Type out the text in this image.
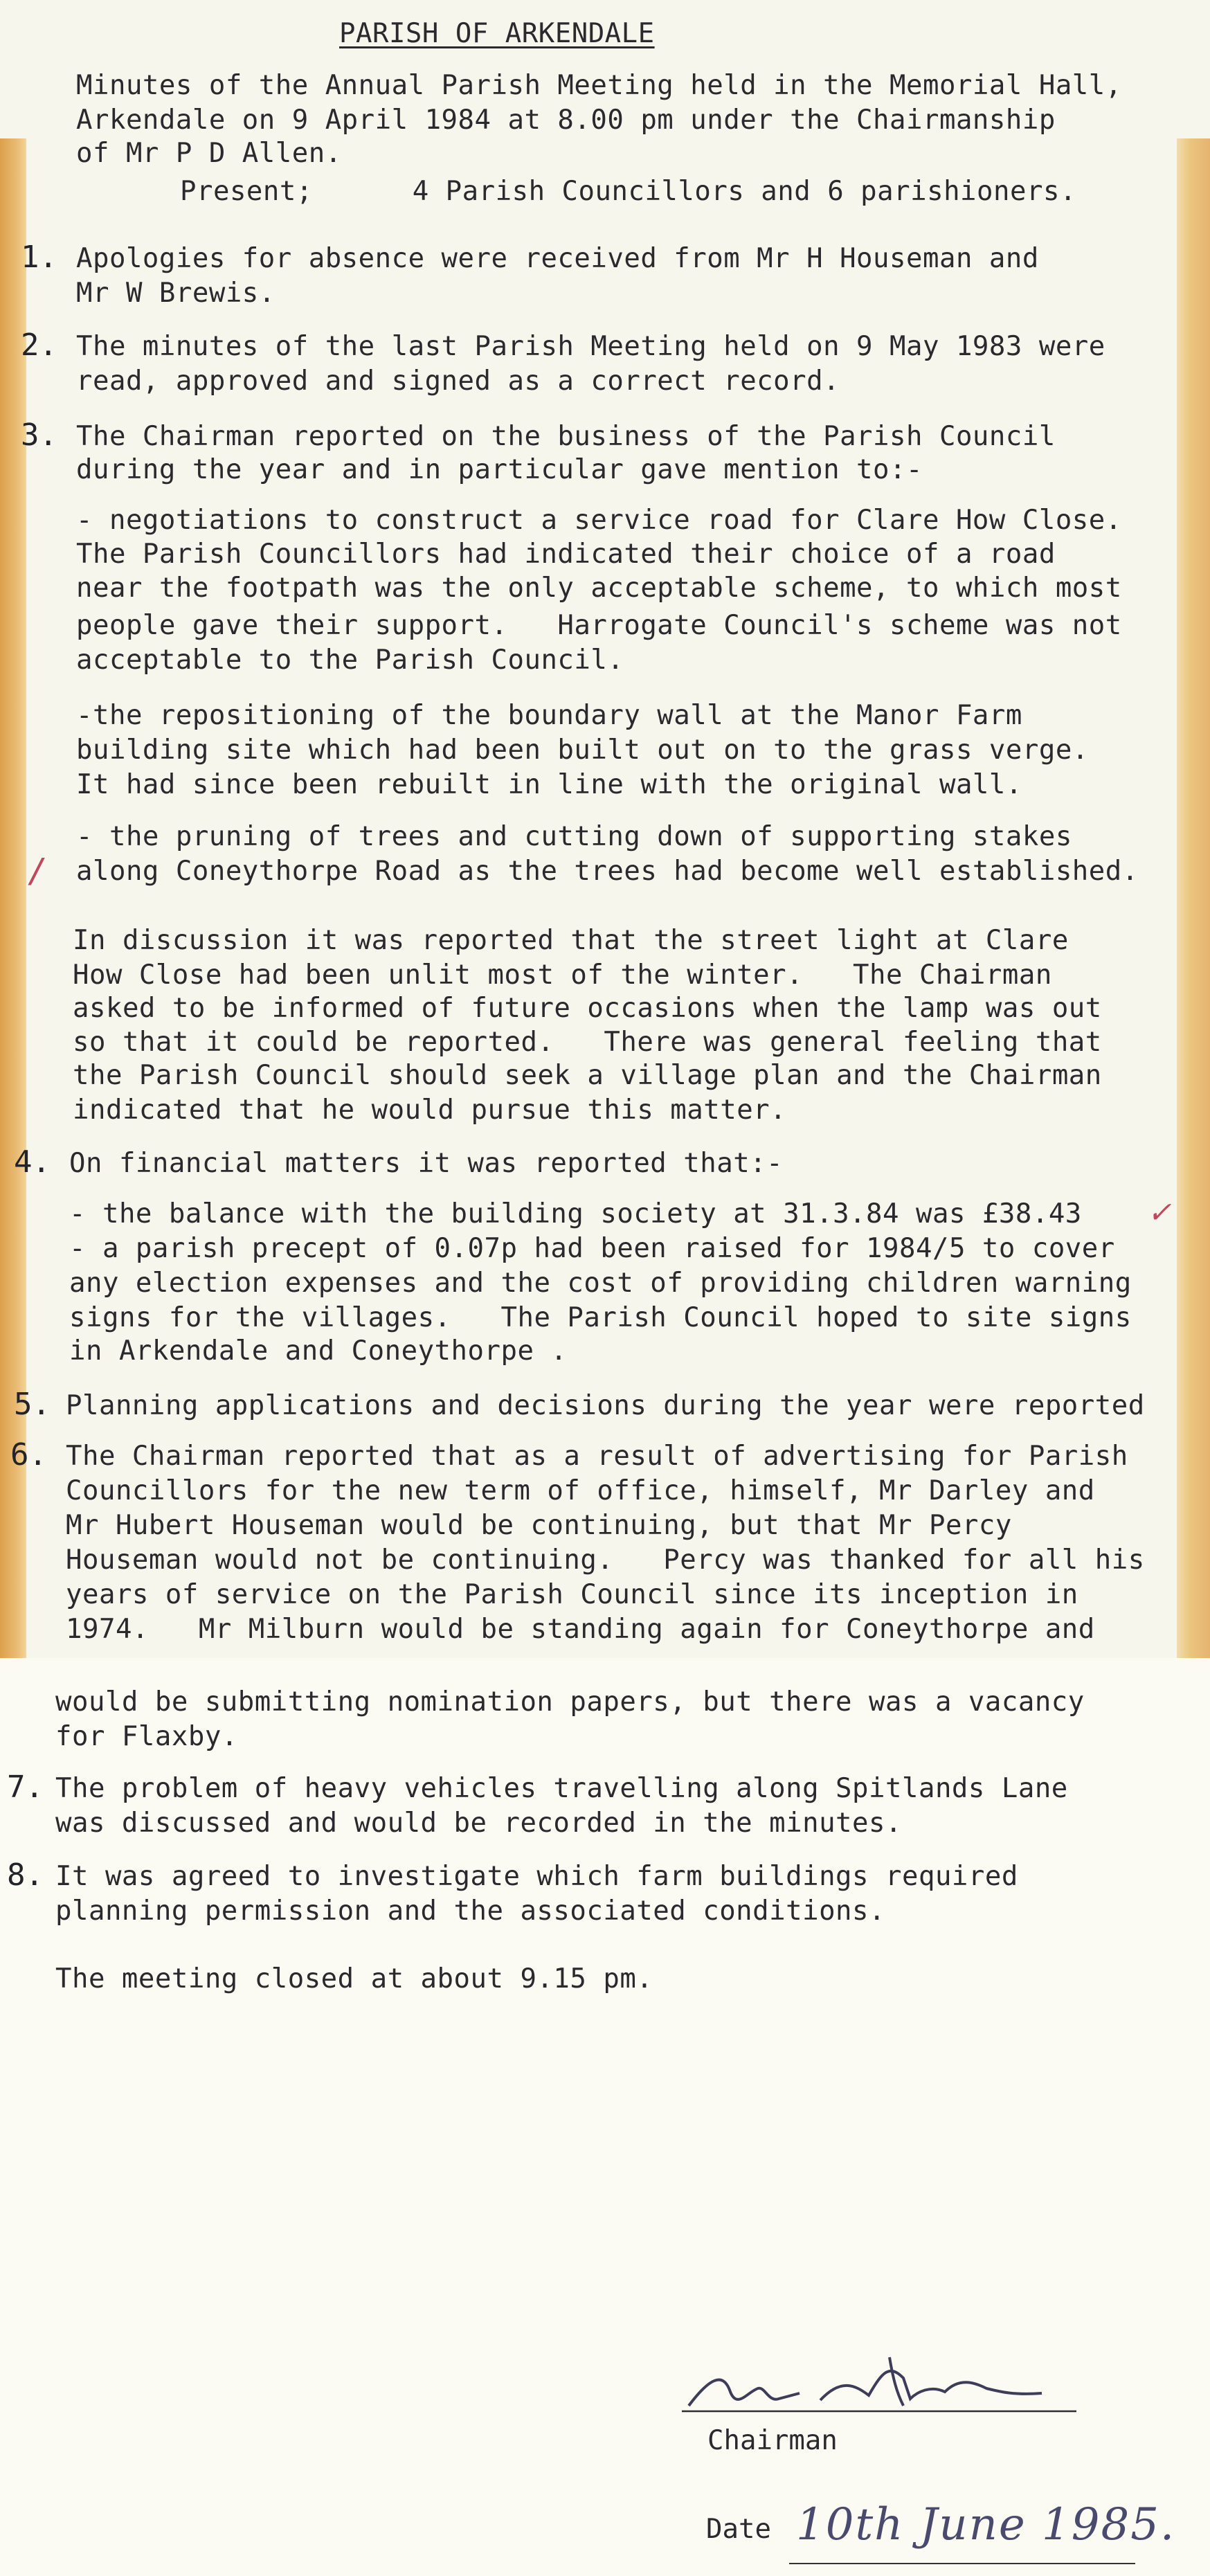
PARISH OF ARKENDALE
Minutes of the Annual Parish Meeting held in the Memorial Hall,
Arkendale on 9 April 1984 at 8.00 pm under the Chairmanship
of Mr P D Allen.
Present;      4 Parish Councillors and 6 parishioners.
1. Apologies for absence were received from Mr H Houseman and
Mr W Brewis.
2. The minutes of the last Parish Meeting held on 9 May 1983 were
read, approved and signed as a correct record.
3. The Chairman reported on the business of the Parish Council
during the year and in particular gave mention to:-
- negotiations to construct a service road for Clare How Close.
The Parish Councillors had indicated their choice of a road
near the footpath was the only acceptable scheme, to which most
people gave their support.   Harrogate Council's scheme was not
acceptable to the Parish Council.
-the repositioning of the boundary wall at the Manor Farm
building site which had been built out on to the grass verge.
It had since been rebuilt in line with the original wall.
- the pruning of trees and cutting down of supporting stakes
/ along Coneythorpe Road as the trees had become well established.
In discussion it was reported that the street light at Clare
How Close had been unlit most of the winter.   The Chairman
asked to be informed of future occasions when the lamp was out
so that it could be reported.   There was general feeling that
the Parish Council should seek a village plan and the Chairman
indicated that he would pursue this matter.
4. On financial matters it was reported that:-
- the balance with the building society at 31.3.84 was £38.43 ✓
- a parish precept of 0.07p had been raised for 1984/5 to cover
any election expenses and the cost of providing children warning
signs for the villages.   The Parish Council hoped to site signs
in Arkendale and Coneythorpe .
5. Planning applications and decisions during the year were reported
6. The Chairman reported that as a result of advertising for Parish
Councillors for the new term of office, himself, Mr Darley and
Mr Hubert Houseman would be continuing, but that Mr Percy
Houseman would not be continuing.   Percy was thanked for all his
years of service on the Parish Council since its inception in
1974.   Mr Milburn would be standing again for Coneythorpe and
would be submitting nomination papers, but there was a vacancy
for Flaxby.
7. The problem of heavy vehicles travelling along Spitlands Lane
was discussed and would be recorded in the minutes.
8. It was agreed to investigate which farm buildings required
planning permission and the associated conditions.
The meeting closed at about 9.15 pm.
Chairman
Date 10th June 1985.
